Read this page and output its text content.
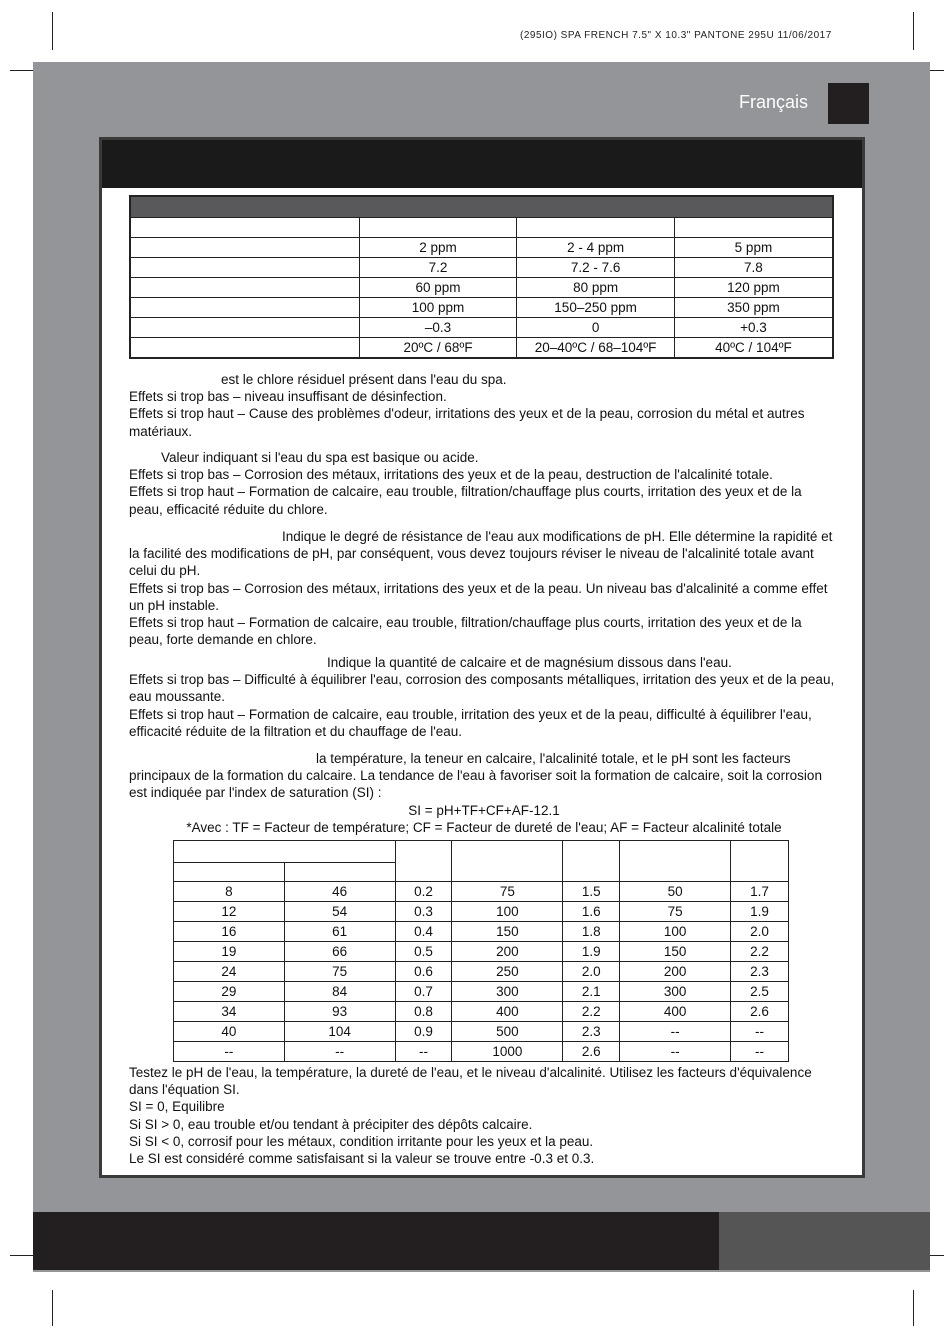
(295IO) SPA FRENCH 7.5" X 10.3" PANTONE 295U 11/06/2017
Français

	2 ppm	2 - 4 ppm	5 ppm
	7.2	7.2 - 7.6	7.8
	60 ppm	80 ppm	120 ppm
	100 ppm	150–250 ppm	350 ppm
	–0.3	0	+0.3
	20ºC / 68ºF	20–40ºC / 68–104ºF	40ºC / 104ºF
est le chlore résiduel présent dans l'eau du spa.
Effets si trop bas – niveau insuffisant de désinfection.
Effets si trop haut – Cause des problèmes d'odeur, irritations des yeux et de la peau, corrosion du métal et autres matériaux.
Valeur indiquant si l'eau du spa est basique ou acide.
Effets si trop bas – Corrosion des métaux, irritations des yeux et de la peau, destruction de l'alcalinité totale.
Effets si trop haut – Formation de calcaire, eau trouble, filtration/chauffage plus courts, irritation des yeux et de la peau, efficacité réduite du chlore.
Indique le degré de résistance de l'eau aux modifications de pH. Elle détermine la rapidité et la facilité des modifications de pH, par conséquent, vous devez toujours réviser le niveau de l'alcalinité totale avant celui du pH.
Effets si trop bas – Corrosion des métaux, irritations des yeux et de la peau. Un niveau bas d'alcalinité a comme effet un pH instable.
Effets si trop haut – Formation de calcaire, eau trouble, filtration/chauffage plus courts, irritation des yeux et de la peau, forte demande en chlore.
Indique la quantité de calcaire et de magnésium dissous dans l'eau.
Effets si trop bas – Difficulté à équilibrer l'eau, corrosion des composants métalliques, irritation des yeux et de la peau, eau moussante.
Effets si trop haut – Formation de calcaire, eau trouble, irritation des yeux et de la peau, difficulté à équilibrer l'eau, efficacité réduite de la filtration et du chauffage de l'eau.
la température, la teneur en calcaire, l'alcalinité totale, et le pH sont les facteurs principaux de la formation du calcaire. La tendance de l'eau à favoriser soit la formation de calcaire, soit la corrosion est indiquée par l'index de saturation (SI) :
SI = pH+TF+CF+AF-12.1
*Avec : TF = Facteur de température; CF = Facteur de dureté de l'eau; AF = Facteur alcalinité totale

8	46	0.2	75	1.5	50	1.7
12	54	0.3	100	1.6	75	1.9
16	61	0.4	150	1.8	100	2.0
19	66	0.5	200	1.9	150	2.2
24	75	0.6	250	2.0	200	2.3
29	84	0.7	300	2.1	300	2.5
34	93	0.8	400	2.2	400	2.6
40	104	0.9	500	2.3	--	--
--	--	--	1000	2.6	--	--
Testez le pH de l'eau, la température, la dureté de l'eau, et le niveau d'alcalinité. Utilisez les facteurs d'équivalence dans l'équation SI.
SI = 0, Equilibre
Si SI > 0, eau trouble et/ou tendant à précipiter des dépôts calcaire.
Si SI < 0, corrosif pour les métaux, condition irritante pour les yeux et la peau.
Le SI est considéré comme satisfaisant si la valeur se trouve entre -0.3 et 0.3.
